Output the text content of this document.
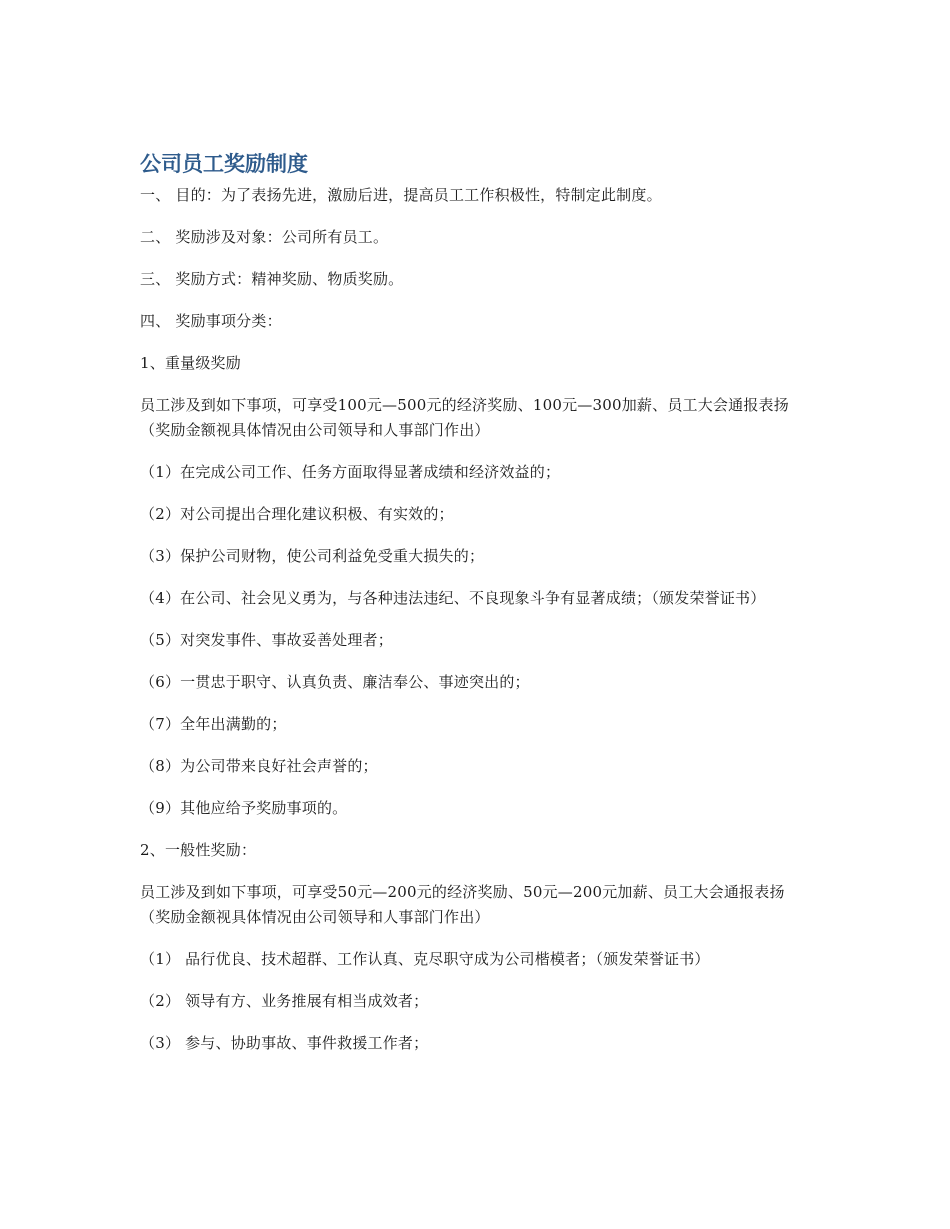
公司员工奖励制度

一、 目的：为了表扬先进，激励后进，提高员工工作积极性，特制定此制度。

二、 奖励涉及对象：公司所有员工。

三、 奖励方式：精神奖励、物质奖励。

四、 奖励事项分类：

1、重量级奖励

员工涉及到如下事项，可享受100元—500元的经济奖励、100元—300加薪、员工大会通报表扬（奖励金额视具体情况由公司领导和人事部门作出）

（1）在完成公司工作、任务方面取得显著成绩和经济效益的；

（2）对公司提出合理化建议积极、有实效的；

（3）保护公司财物，使公司利益免受重大损失的；

（4）在公司、社会见义勇为，与各种违法违纪、不良现象斗争有显著成绩；（颁发荣誉证书）

（5）对突发事件、事故妥善处理者；

（6）一贯忠于职守、认真负责、廉洁奉公、事迹突出的；

（7）全年出满勤的；

（8）为公司带来良好社会声誉的；

（9）其他应给予奖励事项的。

2、一般性奖励：

员工涉及到如下事项，可享受50元—200元的经济奖励、50元—200元加薪、员工大会通报表扬（奖励金额视具体情况由公司领导和人事部门作出）

（1） 品行优良、技术超群、工作认真、克尽职守成为公司楷模者；（颁发荣誉证书）

（2） 领导有方、业务推展有相当成效者；

（3） 参与、协助事故、事件救援工作者；
